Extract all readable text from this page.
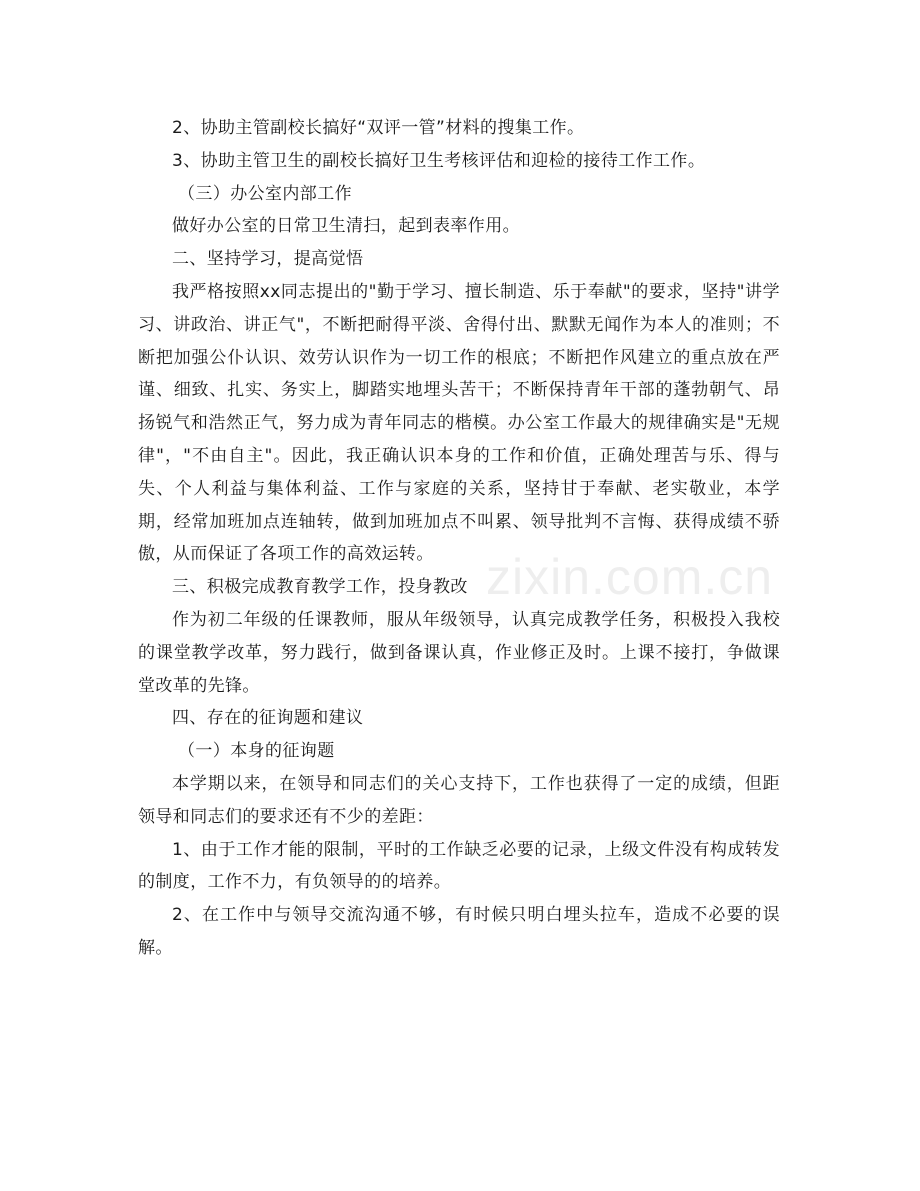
2、协助主管副校长搞好“双评一管”材料的搜集工作。

3、协助主管卫生的副校长搞好卫生考核评估和迎检的接待工作工作。

（三）办公室内部工作

做好办公室的日常卫生清扫，起到表率作用。

二、坚持学习，提高觉悟

我严格按照xx同志提出的"勤于学习、擅长制造、乐于奉献"的要求，坚持"讲学习、讲政治、讲正气"，不断把耐得平淡、舍得付出、默默无闻作为本人的准则；不断把加强公仆认识、效劳认识作为一切工作的根底；不断把作风建立的重点放在严谨、细致、扎实、务实上，脚踏实地埋头苦干；不断保持青年干部的蓬勃朝气、昂扬锐气和浩然正气，努力成为青年同志的楷模。办公室工作最大的规律确实是"无规律"，"不由自主"。因此，我正确认识本身的工作和价值，正确处理苦与乐、得与失、个人利益与集体利益、工作与家庭的关系，坚持甘于奉献、老实敬业，本学期，经常加班加点连轴转，做到加班加点不叫累、领导批判不言悔、获得成绩不骄傲，从而保证了各项工作的高效运转。

三、积极完成教育教学工作，投身教改

作为初二年级的任课教师，服从年级领导，认真完成教学任务，积极投入我校的课堂教学改革，努力践行，做到备课认真，作业修正及时。上课不接打，争做课堂改革的先锋。

四、存在的征询题和建议

（一）本身的征询题

本学期以来，在领导和同志们的关心支持下，工作也获得了一定的成绩，但距领导和同志们的要求还有不少的差距：

1、由于工作才能的限制，平时的工作缺乏必要的记录，上级文件没有构成转发的制度，工作不力，有负领导的的培养。

2、在工作中与领导交流沟通不够，有时候只明白埋头拉车，造成不必要的误解。

zixin.com.cn
